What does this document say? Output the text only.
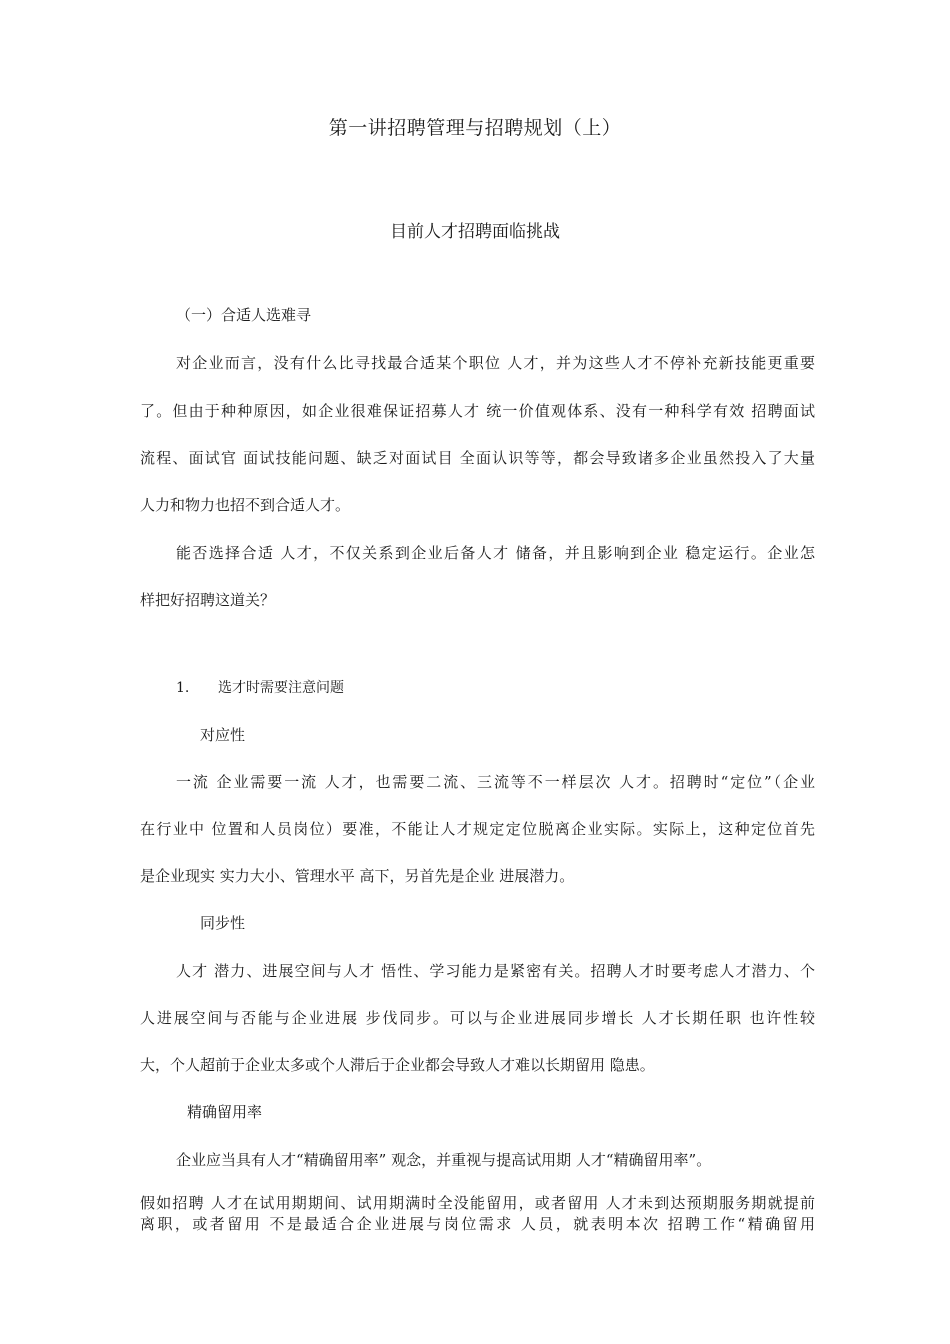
第一讲招聘管理与招聘规划（上）
目前人才招聘面临挑战
（一）合适人选难寻
对企业而言，没有什么比寻找最合适某个职位 人才，并为这些人才不停补充新技能更重要
了。但由于种种原因，如企业很难保证招募人才 统一价值观体系、没有一种科学有效 招聘面试
流程、面试官 面试技能问题、缺乏对面试目 全面认识等等，都会导致诸多企业虽然投入了大量
人力和物力也招不到合适人才。
能否选择合适 人才，不仅关系到企业后备人才 储备，并且影响到企业 稳定运行。企业怎
样把好招聘这道关？
1. 选才时需要注意问题
对应性
一流 企业需要一流 人才，也需要二流、三流等不一样层次 人才。招聘时“定位”（企业
在行业中 位置和人员岗位）要准，不能让人才规定定位脱离企业实际。实际上，这种定位首先
是企业现实 实力大小、管理水平 高下，另首先是企业 进展潜力。
同步性
人才 潜力、进展空间与人才 悟性、学习能力是紧密有关。招聘人才时要考虑人才潜力、个
人进展空间与否能与企业进展 步伐同步。可以与企业进展同步增长 人才长期任职 也许性较
大，个人超前于企业太多或个人滞后于企业都会导致人才难以长期留用 隐患。
精确留用率
企业应当具有人才“精确留用率” 观念，并重视与提高试用期 人才“精确留用率”。
假如招聘 人才在试用期期间、试用期满时全没能留用，或者留用 人才未到达预期服务期就提前
离职，或者留用 不是最适合企业进展与岗位需求 人员，就表明本次 招聘工作“精确留用
